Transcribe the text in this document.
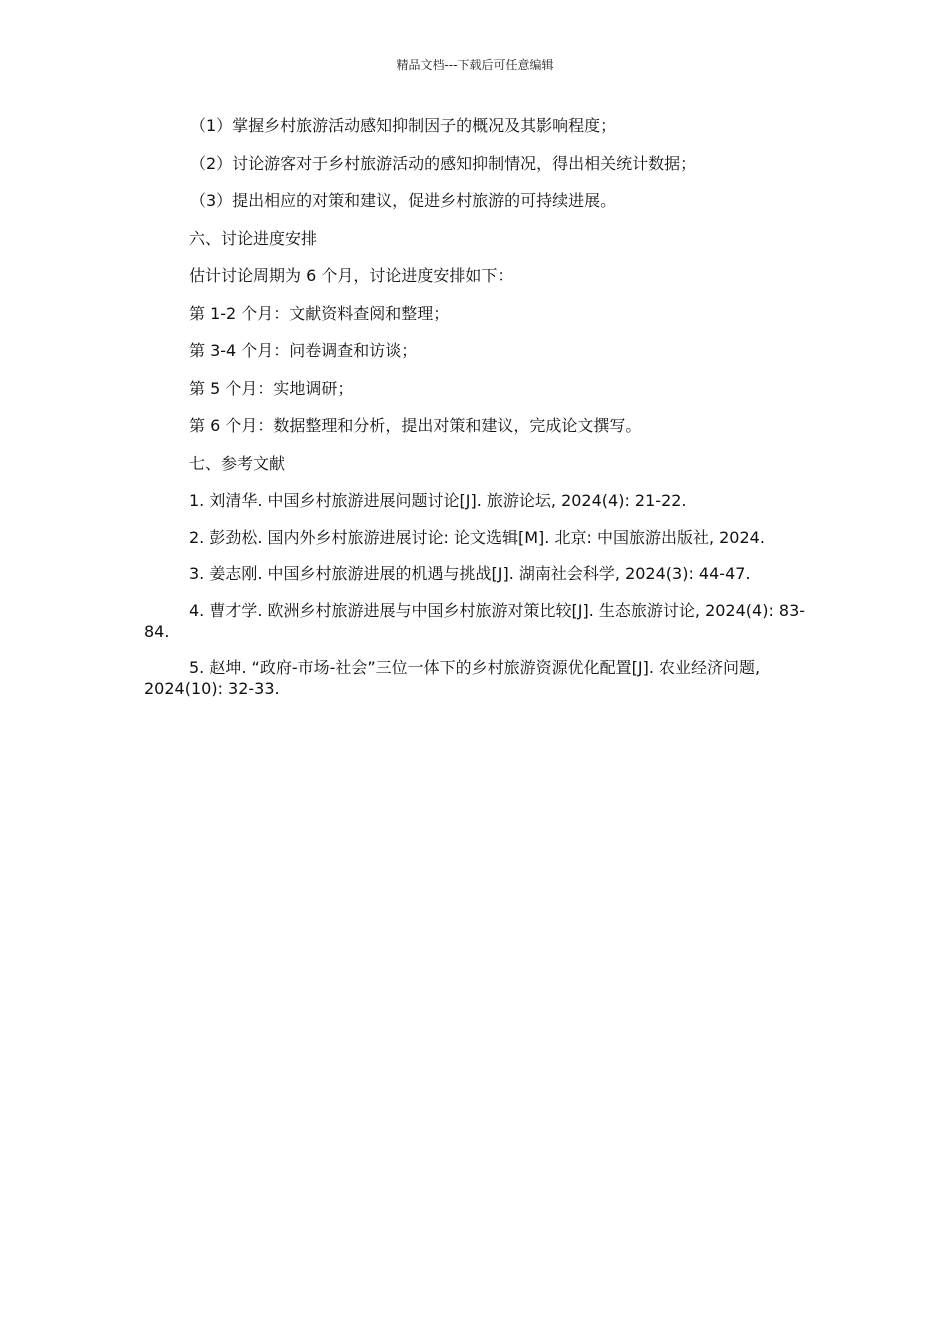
精品文档---下载后可任意编辑

（1）掌握乡村旅游活动感知抑制因子的概况及其影响程度；

（2）讨论游客对于乡村旅游活动的感知抑制情况，得出相关统计数据；

（3）提出相应的对策和建议，促进乡村旅游的可持续进展。

六、讨论进度安排

估计讨论周期为 6 个月，讨论进度安排如下：

第 1-2 个月：文献资料查阅和整理；

第 3-4 个月：问卷调查和访谈；

第 5 个月：实地调研；

第 6 个月：数据整理和分析，提出对策和建议，完成论文撰写。

七、参考文献

1. 刘清华. 中国乡村旅游进展问题讨论[J]. 旅游论坛, 2024(4): 21-22.

2. 彭劲松. 国内外乡村旅游进展讨论: 论文选辑[M]. 北京: 中国旅游出版社, 2024.

3. 姜志刚. 中国乡村旅游进展的机遇与挑战[J]. 湖南社会科学, 2024(3): 44-47.

4. 曹才学. 欧洲乡村旅游进展与中国乡村旅游对策比较[J]. 生态旅游讨论, 2024(4): 83-84.

5. 赵坤. “政府-市场-社会”三位一体下的乡村旅游资源优化配置[J]. 农业经济问题, 2024(10): 32-33.
